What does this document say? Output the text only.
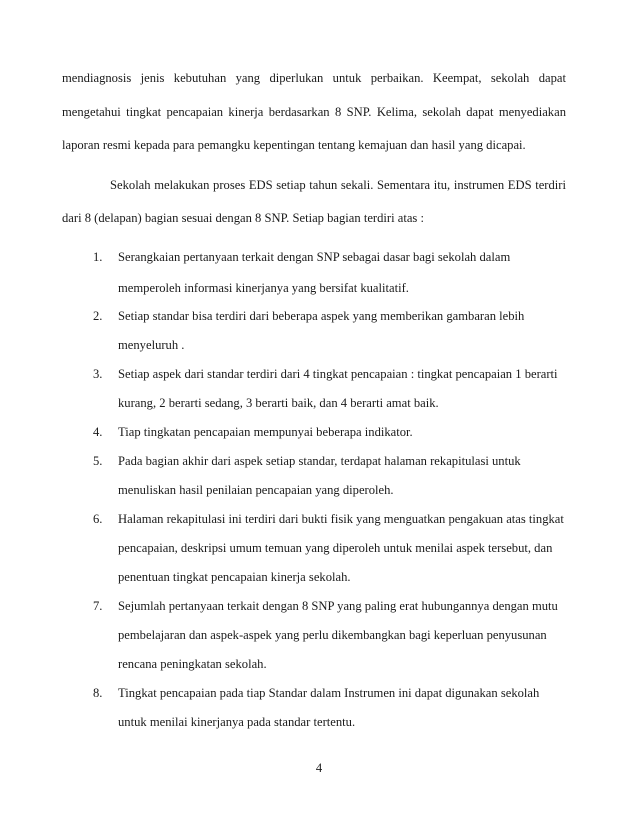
mendiagnosis jenis kebutuhan yang diperlukan untuk perbaikan. Keempat, sekolah dapat
mengetahui tingkat pencapaian kinerja berdasarkan 8 SNP. Kelima, sekolah dapat menyediakan
laporan resmi kepada para pemangku kepentingan tentang kemajuan dan hasil yang dicapai.
Sekolah melakukan proses EDS setiap tahun sekali. Sementara itu, instrumen EDS terdiri
dari 8 (delapan) bagian sesuai dengan 8 SNP. Setiap bagian terdiri atas :
1. Serangkaian pertanyaan terkait dengan SNP sebagai dasar bagi sekolah dalam
memperoleh informasi kinerjanya yang bersifat kualitatif.
2. Setiap standar bisa terdiri dari beberapa aspek yang memberikan gambaran lebih
menyeluruh .
3. Setiap aspek dari standar terdiri dari 4 tingkat pencapaian : tingkat pencapaian 1 berarti
kurang, 2 berarti sedang, 3 berarti baik, dan 4 berarti amat baik.
4. Tiap tingkatan pencapaian mempunyai beberapa indikator.
5. Pada bagian akhir dari aspek setiap standar, terdapat halaman rekapitulasi untuk
menuliskan hasil penilaian pencapaian yang diperoleh.
6. Halaman rekapitulasi ini terdiri dari bukti fisik yang menguatkan pengakuan atas tingkat
pencapaian, deskripsi umum temuan yang diperoleh untuk menilai aspek tersebut, dan
penentuan tingkat pencapaian kinerja sekolah.
7. Sejumlah pertanyaan terkait dengan 8 SNP yang paling erat hubungannya dengan mutu
pembelajaran dan aspek-aspek yang perlu dikembangkan bagi keperluan penyusunan
rencana peningkatan sekolah.
8. Tingkat pencapaian pada tiap Standar dalam Instrumen ini dapat digunakan sekolah
untuk menilai kinerjanya pada standar tertentu.
4
